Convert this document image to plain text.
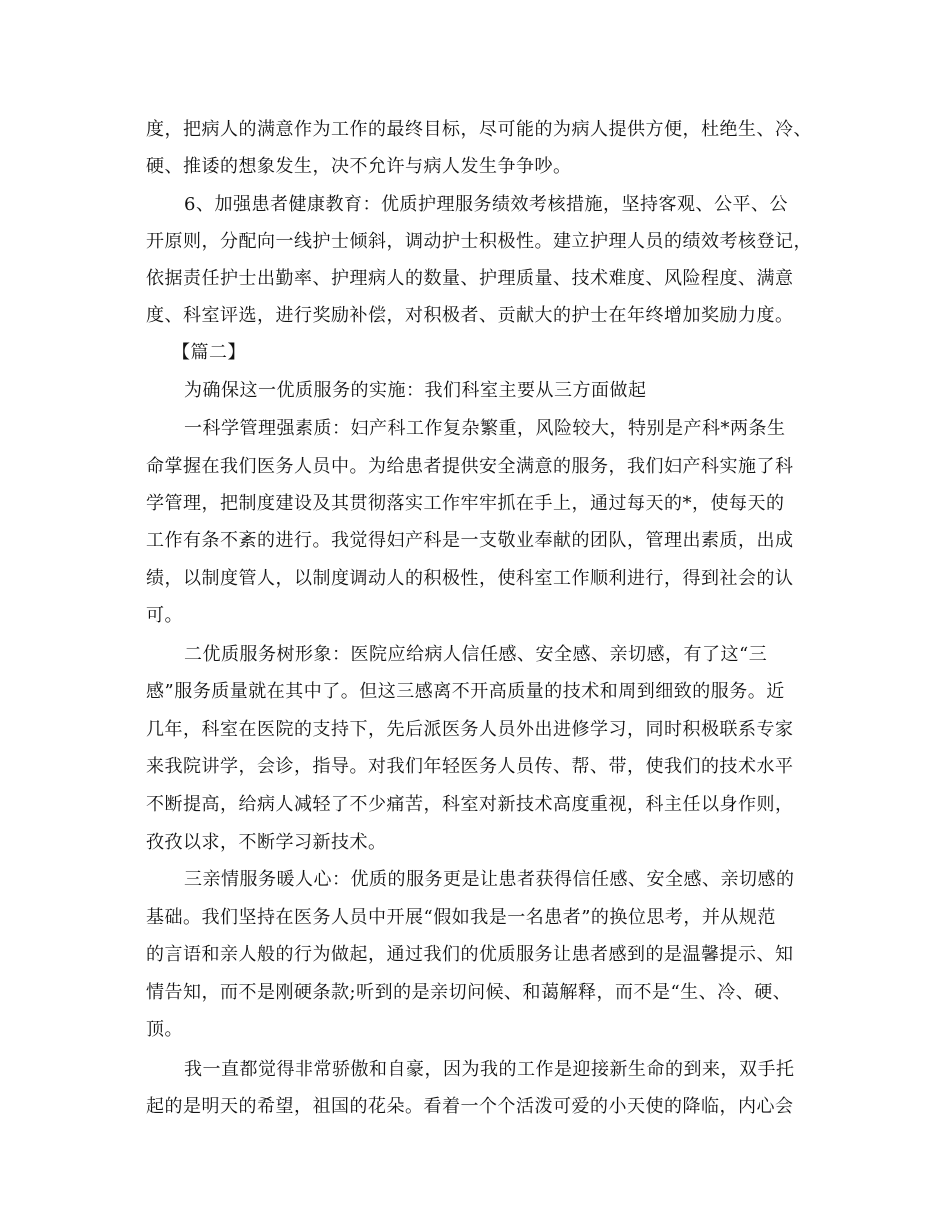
度，把病人的满意作为工作的最终目标，尽可能的为病人提供方便，杜绝生、冷、
硬、推诿的想象发生，决不允许与病人发生争争吵。
6、加强患者健康教育：优质护理服务绩效考核措施，坚持客观、公平、公
开原则，分配向一线护士倾斜，调动护士积极性。建立护理人员的绩效考核登记，
依据责任护士出勤率、护理病人的数量、护理质量、技术难度、风险程度、满意
度、科室评选，进行奖励补偿，对积极者、贡献大的护士在年终增加奖励力度。
【篇二】
为确保这一优质服务的实施：我们科室主要从三方面做起
一科学管理强素质：妇产科工作复杂繁重，风险较大，特别是产科*两条生
命掌握在我们医务人员中。为给患者提供安全满意的服务，我们妇产科实施了科
学管理，把制度建设及其贯彻落实工作牢牢抓在手上，通过每天的*，使每天的
工作有条不紊的进行。我觉得妇产科是一支敬业奉献的团队，管理出素质，出成
绩，以制度管人，以制度调动人的积极性，使科室工作顺利进行，得到社会的认
可。
二优质服务树形象：医院应给病人信任感、安全感、亲切感，有了这“三
感”服务质量就在其中了。但这三感离不开高质量的技术和周到细致的服务。近
几年，科室在医院的支持下，先后派医务人员外出进修学习，同时积极联系专家
来我院讲学，会诊，指导。对我们年轻医务人员传、帮、带，使我们的技术水平
不断提高，给病人减轻了不少痛苦，科室对新技术高度重视，科主任以身作则，
孜孜以求，不断学习新技术。
三亲情服务暖人心：优质的服务更是让患者获得信任感、安全感、亲切感的
基础。我们坚持在医务人员中开展“假如我是一名患者”的换位思考，并从规范
的言语和亲人般的行为做起，通过我们的优质服务让患者感到的是温馨提示、知
情告知，而不是刚硬条款;听到的是亲切问候、和蔼解释，而不是“生、冷、硬、
顶。
我一直都觉得非常骄傲和自豪，因为我的工作是迎接新生命的到来，双手托
起的是明天的希望，祖国的花朵。看着一个个活泼可爱的小天使的降临，内心会
